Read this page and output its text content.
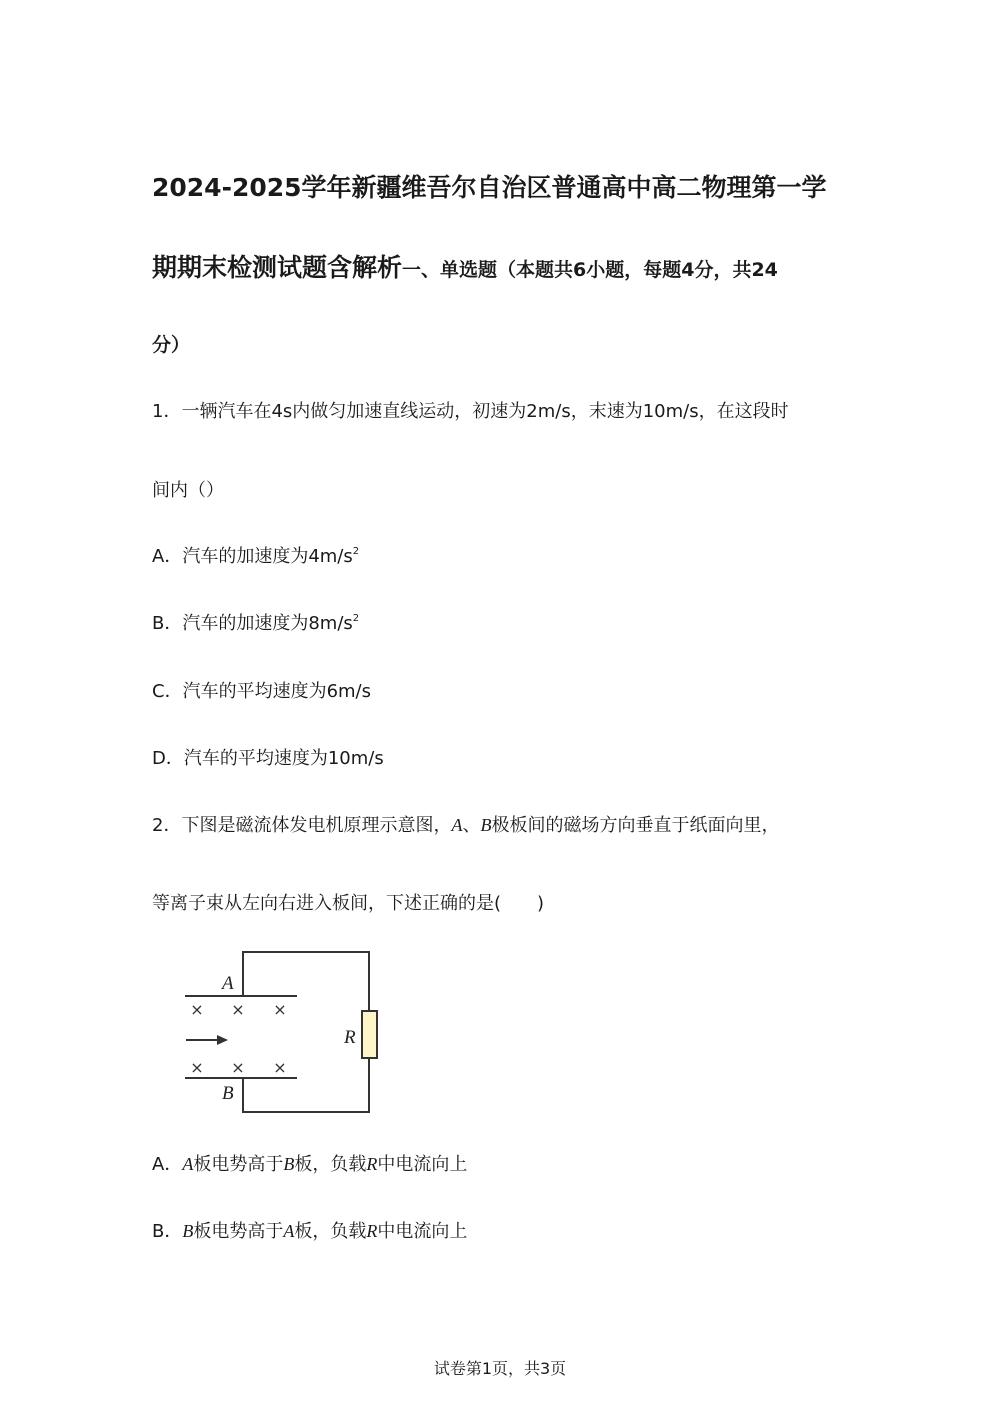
2024-2025学年新疆维吾尔自治区普通高中高二物理第一学
期期末检测试题含解析一、单选题（本题共6小题，每题4分，共24
分）
1．一辆汽车在4s内做匀加速直线运动，初速为2m/s，末速为10m/s，在这段时
间内（）
A．汽车的加速度为$4m/s^2$
B．汽车的加速度为$8m/s^2$
C．汽车的平均速度为6m/s
D．汽车的平均速度为10m/s
2．下图是磁流体发电机原理示意图，A、B极板间的磁场方向垂直于纸面向里，
等离子束从左向右进入板间，下述正确的是(　　)
A
B
R
× × ×
× × ×
A．A板电势高于B板，负载R中电流向上
B．B板电势高于A板，负载R中电流向上
试卷第1页，共3页
